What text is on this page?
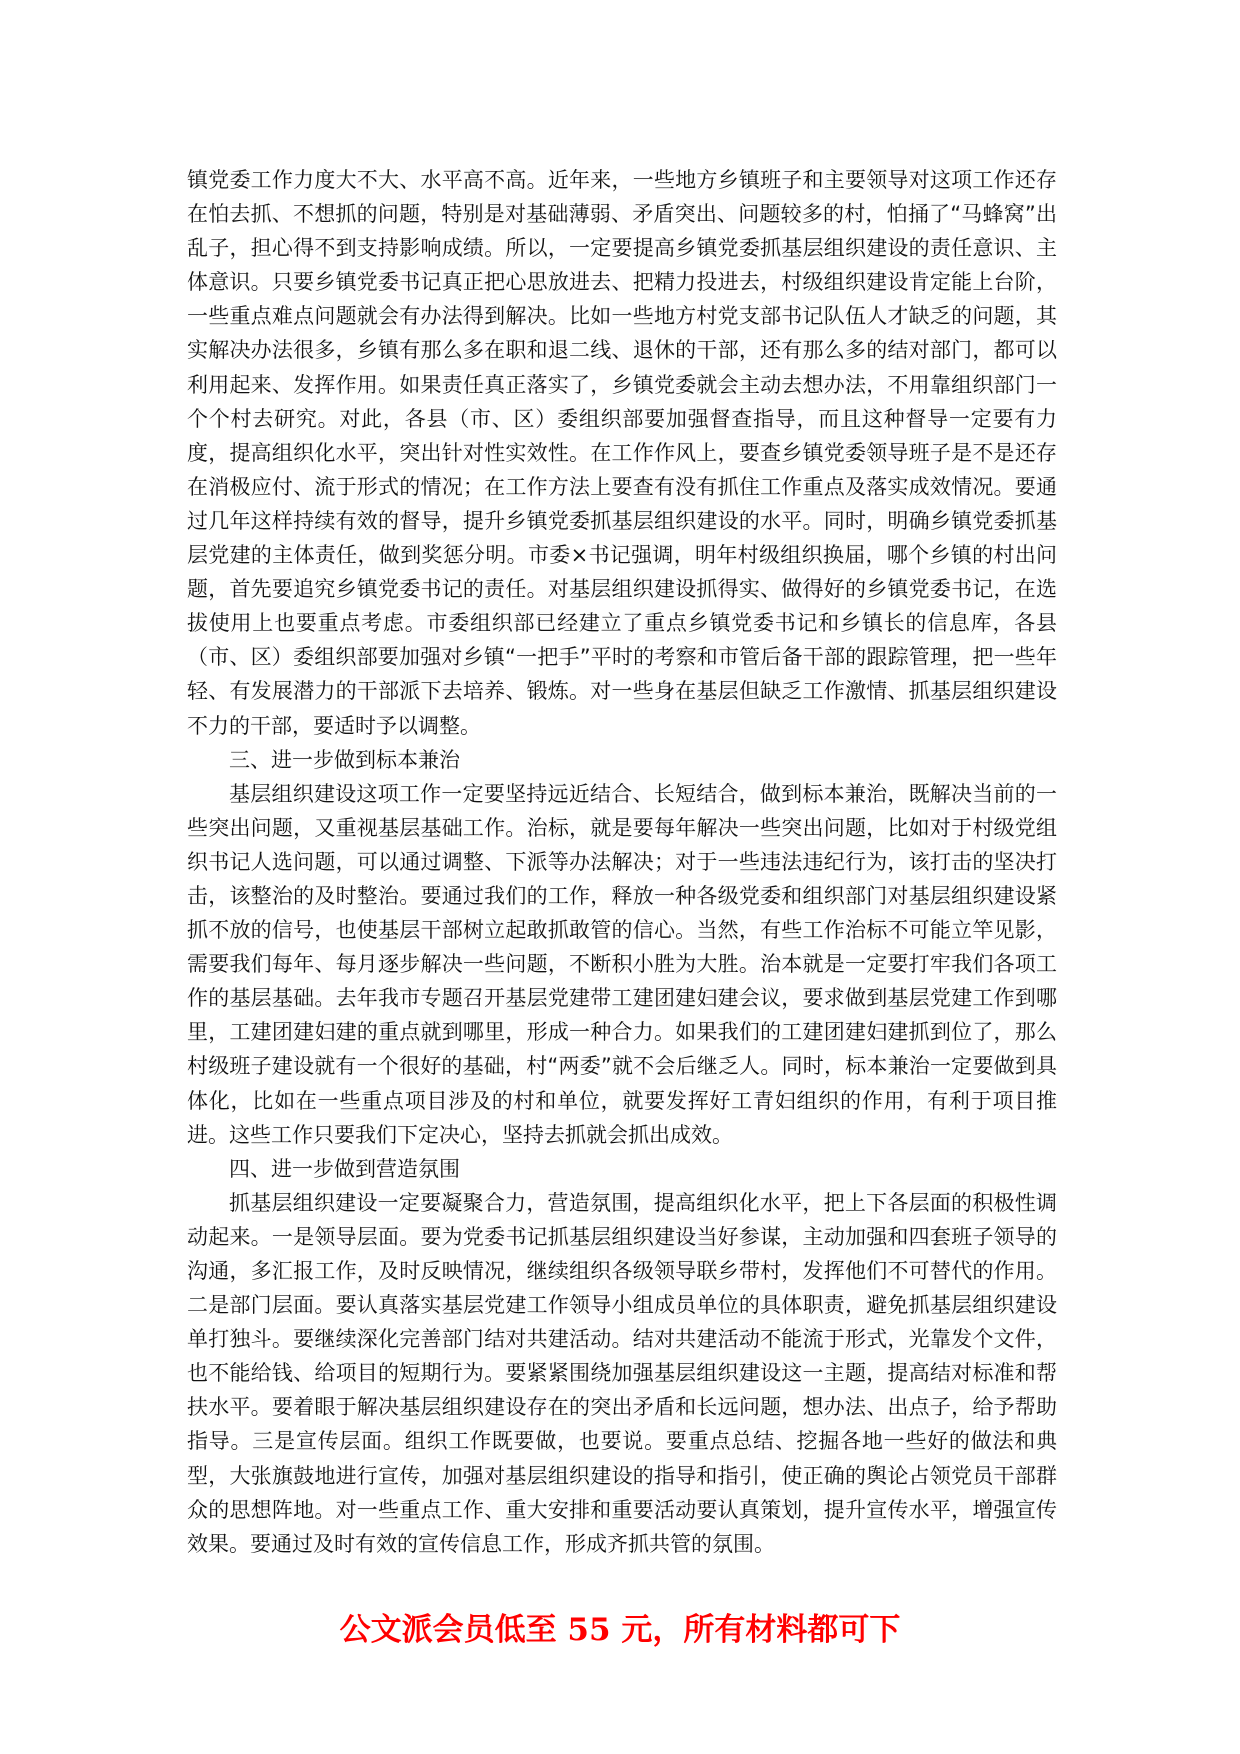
镇党委工作力度大不大、水平高不高。近年来，一些地方乡镇班子和主要领导对这项工作还存在怕去抓、不想抓的问题，特别是对基础薄弱、矛盾突出、问题较多的村，怕捅了“马蜂窝”出乱子，担心得不到支持影响成绩。所以，一定要提高乡镇党委抓基层组织建设的责任意识、主体意识。只要乡镇党委书记真正把心思放进去、把精力投进去，村级组织建设肯定能上台阶，一些重点难点问题就会有办法得到解决。比如一些地方村党支部书记队伍人才缺乏的问题，其实解决办法很多，乡镇有那么多在职和退二线、退休的干部，还有那么多的结对部门，都可以利用起来、发挥作用。如果责任真正落实了，乡镇党委就会主动去想办法，不用靠组织部门一个个村去研究。对此，各县（市、区）委组织部要加强督查指导，而且这种督导一定要有力度，提高组织化水平，突出针对性实效性。在工作作风上，要查乡镇党委领导班子是不是还存在消极应付、流于形式的情况；在工作方法上要查有没有抓住工作重点及落实成效情况。要通过几年这样持续有效的督导，提升乡镇党委抓基层组织建设的水平。同时，明确乡镇党委抓基层党建的主体责任，做到奖惩分明。市委×书记强调，明年村级组织换届，哪个乡镇的村出问题，首先要追究乡镇党委书记的责任。对基层组织建设抓得实、做得好的乡镇党委书记，在选拔使用上也要重点考虑。市委组织部已经建立了重点乡镇党委书记和乡镇长的信息库，各县（市、区）委组织部要加强对乡镇“一把手”平时的考察和市管后备干部的跟踪管理，把一些年轻、有发展潜力的干部派下去培养、锻炼。对一些身在基层但缺乏工作激情、抓基层组织建设不力的干部，要适时予以调整。

三、进一步做到标本兼治

基层组织建设这项工作一定要坚持远近结合、长短结合，做到标本兼治，既解决当前的一些突出问题，又重视基层基础工作。治标，就是要每年解决一些突出问题，比如对于村级党组织书记人选问题，可以通过调整、下派等办法解决；对于一些违法违纪行为，该打击的坚决打击，该整治的及时整治。要通过我们的工作，释放一种各级党委和组织部门对基层组织建设紧抓不放的信号，也使基层干部树立起敢抓敢管的信心。当然，有些工作治标不可能立竿见影，需要我们每年、每月逐步解决一些问题，不断积小胜为大胜。治本就是一定要打牢我们各项工作的基层基础。去年我市专题召开基层党建带工建团建妇建会议，要求做到基层党建工作到哪里，工建团建妇建的重点就到哪里，形成一种合力。如果我们的工建团建妇建抓到位了，那么村级班子建设就有一个很好的基础，村“两委”就不会后继乏人。同时，标本兼治一定要做到具体化，比如在一些重点项目涉及的村和单位，就要发挥好工青妇组织的作用，有利于项目推进。这些工作只要我们下定决心，坚持去抓就会抓出成效。

四、进一步做到营造氛围

抓基层组织建设一定要凝聚合力，营造氛围，提高组织化水平，把上下各层面的积极性调动起来。一是领导层面。要为党委书记抓基层组织建设当好参谋，主动加强和四套班子领导的沟通，多汇报工作，及时反映情况，继续组织各级领导联乡带村，发挥他们不可替代的作用。二是部门层面。要认真落实基层党建工作领导小组成员单位的具体职责，避免抓基层组织建设单打独斗。要继续深化完善部门结对共建活动。结对共建活动不能流于形式，光靠发个文件，也不能给钱、给项目的短期行为。要紧紧围绕加强基层组织建设这一主题，提高结对标准和帮扶水平。要着眼于解决基层组织建设存在的突出矛盾和长远问题，想办法、出点子，给予帮助指导。三是宣传层面。组织工作既要做，也要说。要重点总结、挖掘各地一些好的做法和典型，大张旗鼓地进行宣传，加强对基层组织建设的指导和指引，使正确的舆论占领党员干部群众的思想阵地。对一些重点工作、重大安排和重要活动要认真策划，提升宣传水平，增强宣传效果。要通过及时有效的宣传信息工作，形成齐抓共管的氛围。

公文派会员低至 55 元，所有材料都可下
